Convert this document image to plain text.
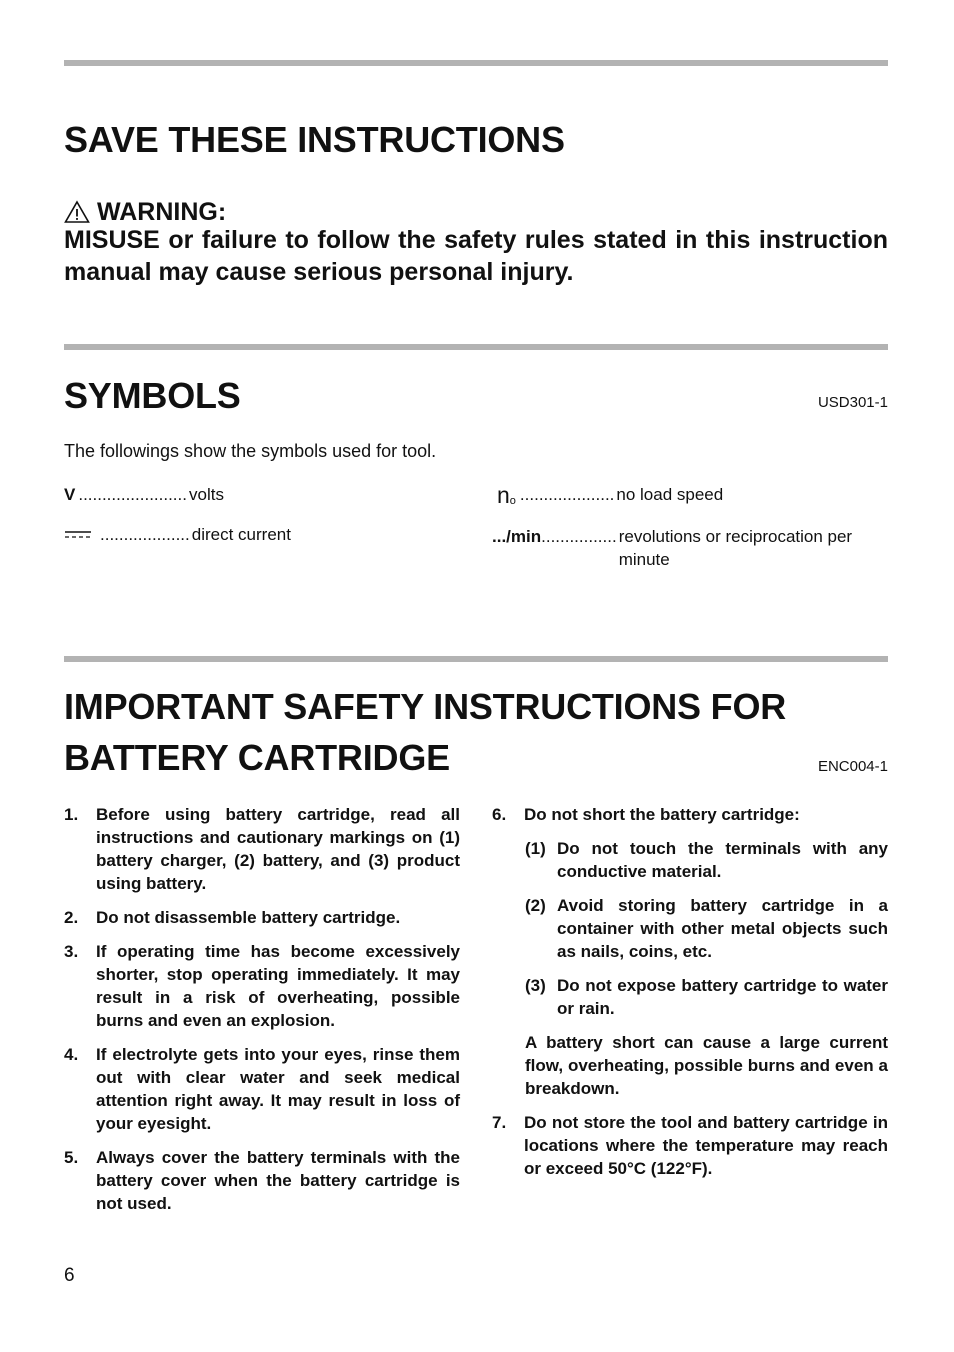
SAVE THESE INSTRUCTIONS
WARNING:
MISUSE or failure to follow the safety rules stated in this instruction manual may cause serious personal injury.
SYMBOLS	USD301-1
The followings show the symbols used for tool.
V ....................... volts
................... direct current
n o .................... no load speed
.../min ................ revolutions or reciprocation per minute
IMPORTANT SAFETY INSTRUCTIONS FOR
BATTERY CARTRIDGE	ENC004-1
1.	Before using battery cartridge, read all instructions and cautionary markings on (1) battery charger, (2) battery, and (3) product using battery.
2.	Do not disassemble battery cartridge.
3.	If operating time has become excessively shorter, stop operating immediately. It may result in a risk of overheating, possible burns and even an explosion.
4.	If electrolyte gets into your eyes, rinse them out with clear water and seek medical attention right away. It may result in loss of your eyesight.
5.	Always cover the battery terminals with the battery cover when the battery cartridge is not used.
6.	Do not short the battery cartridge:
(1) Do not touch the terminals with any conductive material.
(2) Avoid storing battery cartridge in a container with other metal objects such as nails, coins, etc.
(3) Do not expose battery cartridge to water or rain.
A battery short can cause a large current flow, overheating, possible burns and even a breakdown.
7.	Do not store the tool and battery cartridge in locations where the temperature may reach or exceed 50°C (122°F).
6
